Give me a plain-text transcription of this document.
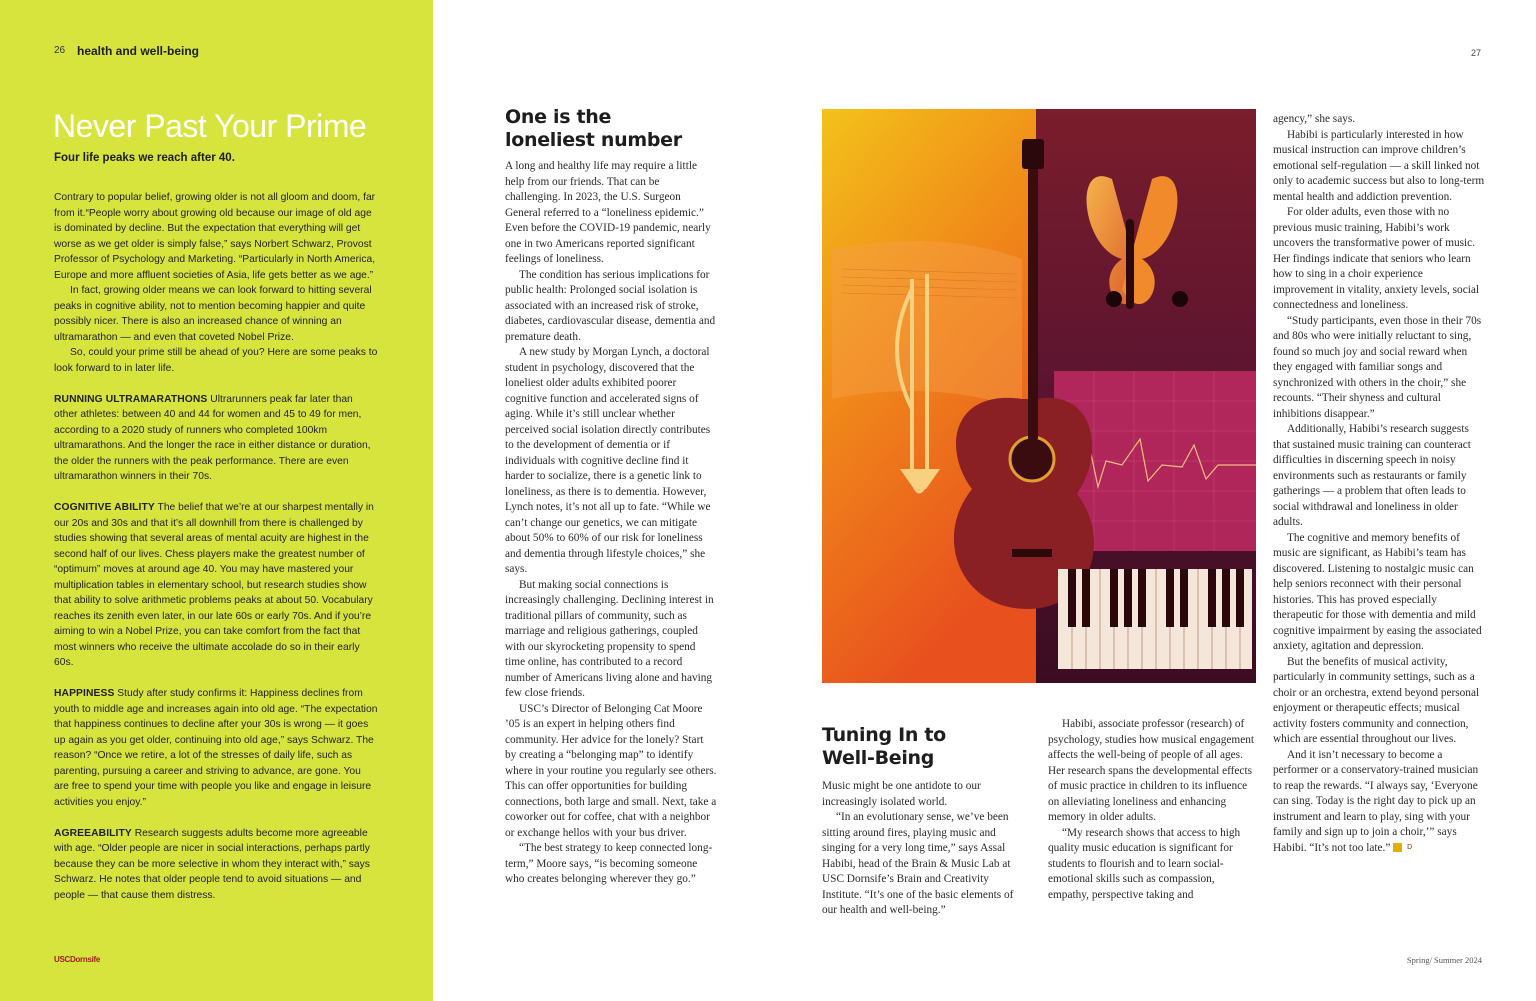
26 health and well-being
Never Past Your Prime
Four life peaks we reach after 40.

Contrary to popular belief, growing older is not all gloom and doom, far from it.“People worry about growing old because our image of old age is dominated by decline. But the expectation that everything will get worse as we get older is simply false,” says Norbert Schwarz, Provost Professor of Psychology and Marketing. “Particularly in North America, Europe and more affluent societies of Asia, life gets better as we age.”

In fact, growing older means we can look forward to hitting several peaks in cognitive ability, not to mention becoming happier and quite possibly nicer. There is also an increased chance of winning an ultramarathon — and even that coveted Nobel Prize.

So, could your prime still be ahead of you? Here are some peaks to look forward to in later life.

RUNNING ULTRAMARATHONS Ultrarunners peak far later than other athletes: between 40 and 44 for women and 45 to 49 for men, according to a 2020 study of runners who completed 100km ultramarathons. And the longer the race in either distance or duration, the older the runners with the peak performance. There are even ultramarathon winners in their 70s.

COGNITIVE ABILITY The belief that we’re at our sharpest mentally in our 20s and 30s and that it’s all downhill from there is challenged by studies showing that several areas of mental acuity are highest in the second half of our lives. Chess players make the greatest number of “optimum” moves at around age 40. You may have mastered your multiplication tables in elementary school, but research studies show that ability to solve arithmetic problems peaks at about 50. Vocabulary reaches its zenith even later, in our late 60s or early 70s. And if you’re aiming to win a Nobel Prize, you can take comfort from the fact that most winners who receive the ultimate accolade do so in their early 60s.

HAPPINESS Study after study confirms it: Happiness declines from youth to middle age and increases again into old age. “The expectation that happiness continues to decline after your 30s is wrong — it goes up again as you get older, continuing into old age,” says Schwarz. The reason? “Once we retire, a lot of the stresses of daily life, such as parenting, pursuing a career and striving to advance, are gone. You are free to spend your time with people you like and engage in leisure activities you enjoy.”

AGREEABILITY Research suggests adults become more agreeable with age. “Older people are nicer in social interactions, perhaps partly because they can be more selective in whom they interact with,” says Schwarz. He notes that older people tend to avoid situations — and people — that cause them distress.

USCDornsife
27
One is the
loneliest number

A long and healthy life may require a little help from our friends. That can be challenging. In 2023, the U.S. Surgeon General referred to a “loneliness epidemic.” Even before the COVID-19 pandemic, nearly one in two Americans reported significant feelings of loneliness.

The condition has serious implications for public health: Prolonged social isolation is associated with an increased risk of stroke, diabetes, cardiovascular disease, dementia and premature death.

A new study by Morgan Lynch, a doctoral student in psychology, discovered that the loneliest older adults exhibited poorer cognitive function and accelerated signs of aging. While it’s still unclear whether perceived social isolation directly contributes to the development of dementia or if individuals with cognitive decline find it harder to socialize, there is a genetic link to loneliness, as there is to dementia. However, Lynch notes, it’s not all up to fate. “While we can’t change our genetics, we can mitigate about 50% to 60% of our risk for loneliness and dementia through lifestyle choices,” she says.

But making social connections is increasingly challenging. Declining interest in traditional pillars of community, such as marriage and religious gatherings, coupled with our skyrocketing propensity to spend time online, has contributed to a record number of Americans living alone and having few close friends.

USC’s Director of Belonging Cat Moore ’05 is an expert in helping others find community. Her advice for the lonely? Start by creating a “belonging map” to identify where in your routine you regularly see others. This can offer opportunities for building connections, both large and small. Next, take a coworker out for coffee, chat with a neighbor or exchange hellos with your bus driver.

“The best strategy to keep connected long-term,” Moore says, “is becoming someone who creates belonging wherever they go.”

Tuning In to
Well-Being

Music might be one antidote to our increasingly isolated world.

“In an evolutionary sense, we’ve been sitting around fires, playing music and singing for a very long time,” says Assal Habibi, head of the Brain & Music Lab at USC Dornsife’s Brain and Creativity Institute. “It’s one of the basic elements of our health and well-being.”

Habibi, associate professor (research) of psychology, studies how musical engagement affects the well-being of people of all ages. Her research spans the developmental effects of music practice in children to its influence on alleviating loneliness and enhancing memory in older adults.

“My research shows that access to high quality music education is significant for students to flourish and to learn social-emotional skills such as compassion, empathy, perspective taking and

agency,” she says.

Habibi is particularly interested in how musical instruction can improve children’s emotional self-regulation — a skill linked not only to academic success but also to long-term mental health and addiction prevention.

For older adults, even those with no previous music training, Habibi’s work uncovers the transformative power of music. Her findings indicate that seniors who learn how to sing in a choir experience improvement in vitality, anxiety levels, social connectedness and loneliness.

“Study participants, even those in their 70s and 80s who were initially reluctant to sing, found so much joy and social reward when they engaged with familiar songs and synchronized with others in the choir,” she recounts. “Their shyness and cultural inhibitions disappear.”

Additionally, Habibi’s research suggests that sustained music training can counteract difficulties in discerning speech in noisy environments such as restaurants or family gatherings — a problem that often leads to social withdrawal and loneliness in older adults.

The cognitive and memory benefits of music are significant, as Habibi’s team has discovered. Listening to nostalgic music can help seniors reconnect with their personal histories. This has proved especially therapeutic for those with dementia and mild cognitive impairment by easing the associated anxiety, agitation and depression.

But the benefits of musical activity, particularly in community settings, such as a choir or an orchestra, extend beyond personal enjoyment or therapeutic effects; musical activity fosters community and connection, which are essential throughout our lives.

And it isn’t necessary to become a performer or a conservatory-trained musician to reap the rewards. “I always say, ‘Everyone can sing. Today is the right day to pick up an instrument and learn to play, sing with your family and sign up to join a choir,’” says Habibi. “It’s not too late.” D

Spring/ Summer 2024
